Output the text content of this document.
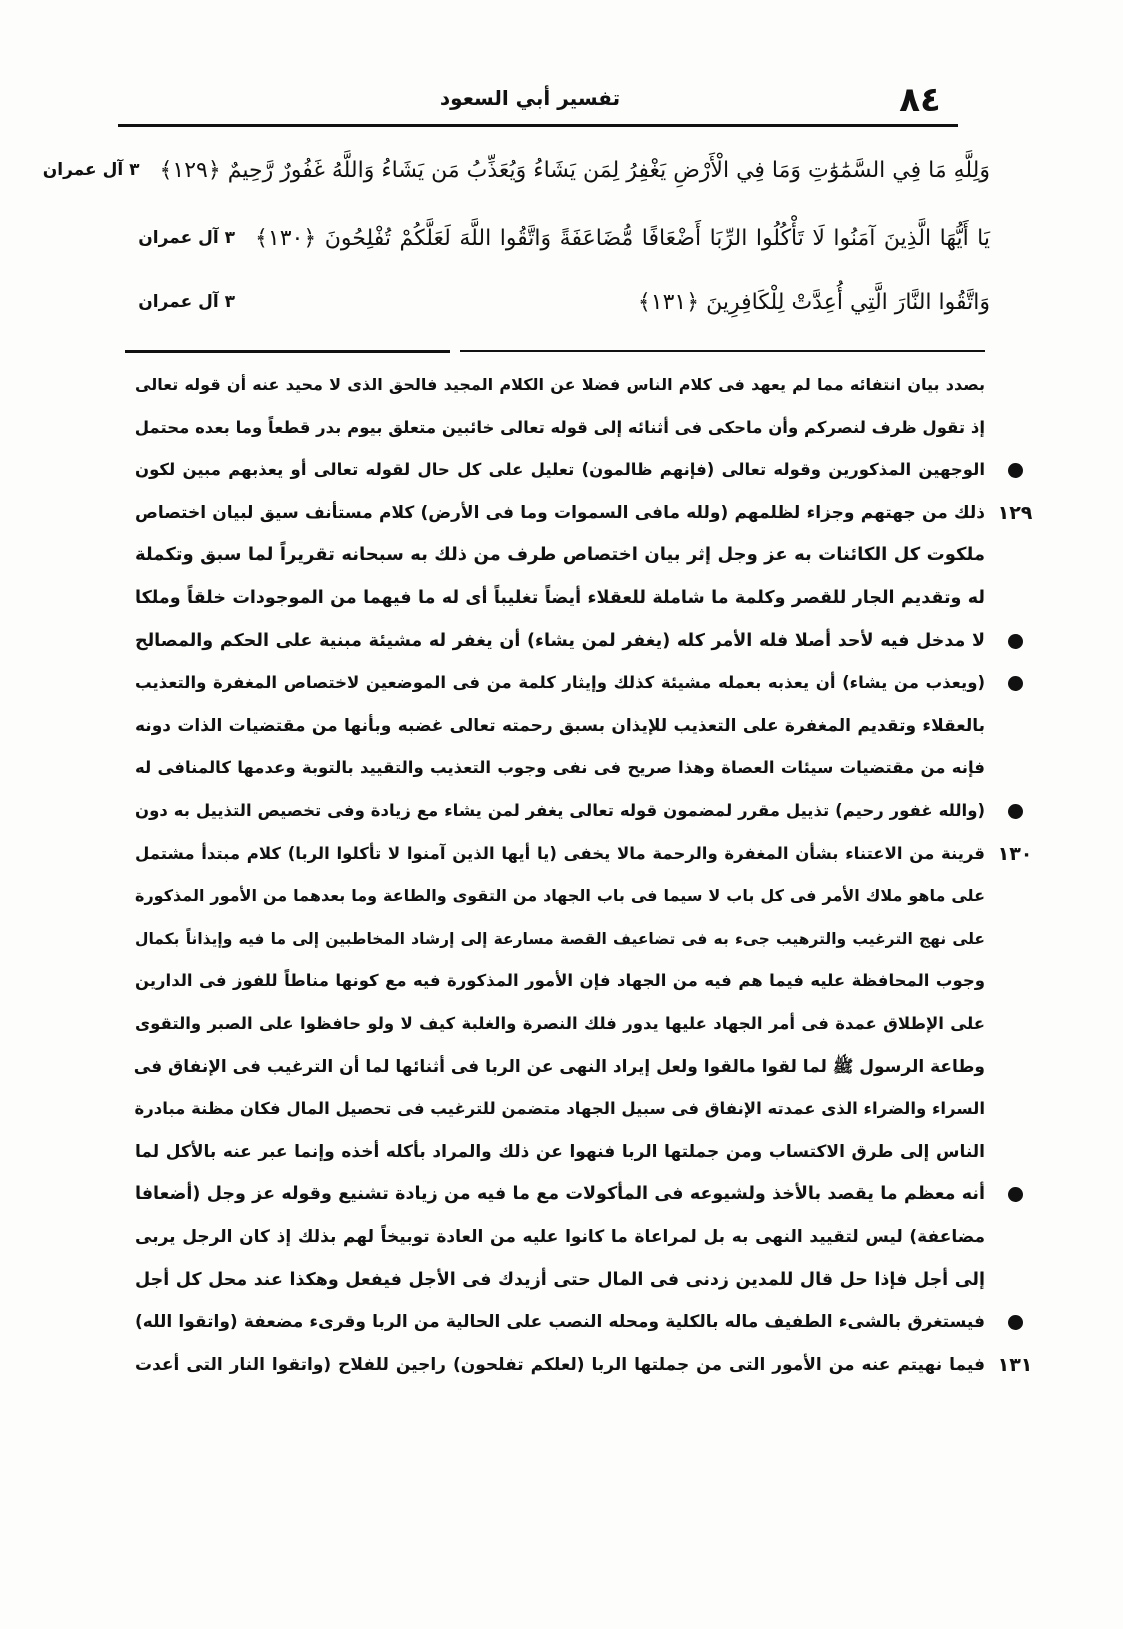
٨٤
تفسير أبي السعود
وَلِلَّهِ مَا فِي السَّمَٰوَٰتِ وَمَا فِي الْأَرْضِ يَغْفِرُ لِمَن يَشَاءُ وَيُعَذِّبُ مَن يَشَاءُ وَاللَّهُ غَفُورٌ رَّحِيمٌ ﴿١٢٩﴾
٣ آل عمران
يَا أَيُّهَا الَّذِينَ آمَنُوا لَا تَأْكُلُوا الرِّبَا أَضْعَافًا مُّضَاعَفَةً وَاتَّقُوا اللَّهَ لَعَلَّكُمْ تُفْلِحُونَ ﴿١٣٠﴾
٣ آل عمران
وَاتَّقُوا النَّارَ الَّتِي أُعِدَّتْ لِلْكَافِرِينَ ﴿١٣١﴾
٣ آل عمران
بصدد بيان انتفائه مما لم يعهد فى كلام الناس فضلا عن الكلام المجيد فالحق الذى لا محيد عنه أن قوله تعالى
إذ تقول ظرف لنصركم وأن ماحكى فى أثنائه إلى قوله تعالى خائبين متعلق بيوم بدر قطعاً وما بعده محتمل
الوجهين المذكورين وقوله تعالى (فإنهم ظالمون) تعليل على كل حال لقوله تعالى أو يعذبهم مبين لكون
ذلك من جهتهم وجزاء لظلمهم (ولله مافى السموات وما فى الأرض) كلام مستأنف سيق لبيان اختصاص ١٢٩
ملكوت كل الكائنات به عز وجل إثر بيان اختصاص طرف من ذلك به سبحانه تقريراً لما سبق وتكملة
له وتقديم الجار للقصر وكلمة ما شاملة للعقلاء أيضاً تغليباً أى له ما فيهما من الموجودات خلقاً وملكا
لا مدخل فيه لأحد أصلا فله الأمر كله (يغفر لمن يشاء) أن يغفر له مشيئة مبنية على الحكم والمصالح
(ويعذب من يشاء) أن يعذبه بعمله مشيئة كذلك وإيثار كلمة من فى الموضعين لاختصاص المغفرة والتعذيب
بالعقلاء وتقديم المغفرة على التعذيب للإيذان بسبق رحمته تعالى غضبه وبأنها من مقتضيات الذات دونه
فإنه من مقتضيات سيئات العصاة وهذا صريح فى نفى وجوب التعذيب والتقييد بالتوبة وعدمها كالمنافى له
(والله غفور رحيم) تذييل مقرر لمضمون قوله تعالى يغفر لمن يشاء مع زيادة وفى تخصيص التذييل به دون
قرينة من الاعتناء بشأن المغفرة والرحمة مالا يخفى (يا أيها الذين آمنوا لا تأكلوا الربا) كلام مبتدأ مشتمل ١٣٠
على ماهو ملاك الأمر فى كل باب لا سيما فى باب الجهاد من التقوى والطاعة وما بعدهما من الأمور المذكورة
على نهج الترغيب والترهيب جىء به فى تضاعيف القصة مسارعة إلى إرشاد المخاطبين إلى ما فيه وإيذاناً بكمال
وجوب المحافظة عليه فيما هم فيه من الجهاد فإن الأمور المذكورة فيه مع كونها مناطاً للفوز فى الدارين
على الإطلاق عمدة فى أمر الجهاد عليها يدور فلك النصرة والغلبة كيف لا ولو حافظوا على الصبر والتقوى
وطاعة الرسول ﷺ لما لقوا مالقوا ولعل إيراد النهى عن الربا فى أثنائها لما أن الترغيب فى الإنفاق فى
السراء والضراء الذى عمدته الإنفاق فى سبيل الجهاد متضمن للترغيب فى تحصيل المال فكان مظنة مبادرة
الناس إلى طرق الاكتساب ومن جملتها الربا فنهوا عن ذلك والمراد بأكله أخذه وإنما عبر عنه بالأكل لما
أنه معظم ما يقصد بالأخذ ولشيوعه فى المأكولات مع ما فيه من زيادة تشنيع وقوله عز وجل (أضعافا
مضاعفة) ليس لتقييد النهى به بل لمراعاة ما كانوا عليه من العادة توبيخاً لهم بذلك إذ كان الرجل يربى
إلى أجل فإذا حل قال للمدين زدنى فى المال حتى أزيدك فى الأجل فيفعل وهكذا عند محل كل أجل
فيستغرق بالشىء الطفيف ماله بالكلية ومحله النصب على الحالية من الربا وقرىء مضعفة (واتقوا الله)
فيما نهيتم عنه من الأمور التى من جملتها الربا (لعلكم تفلحون) راجين للفلاح (واتقوا النار التى أعدت ١٣١
